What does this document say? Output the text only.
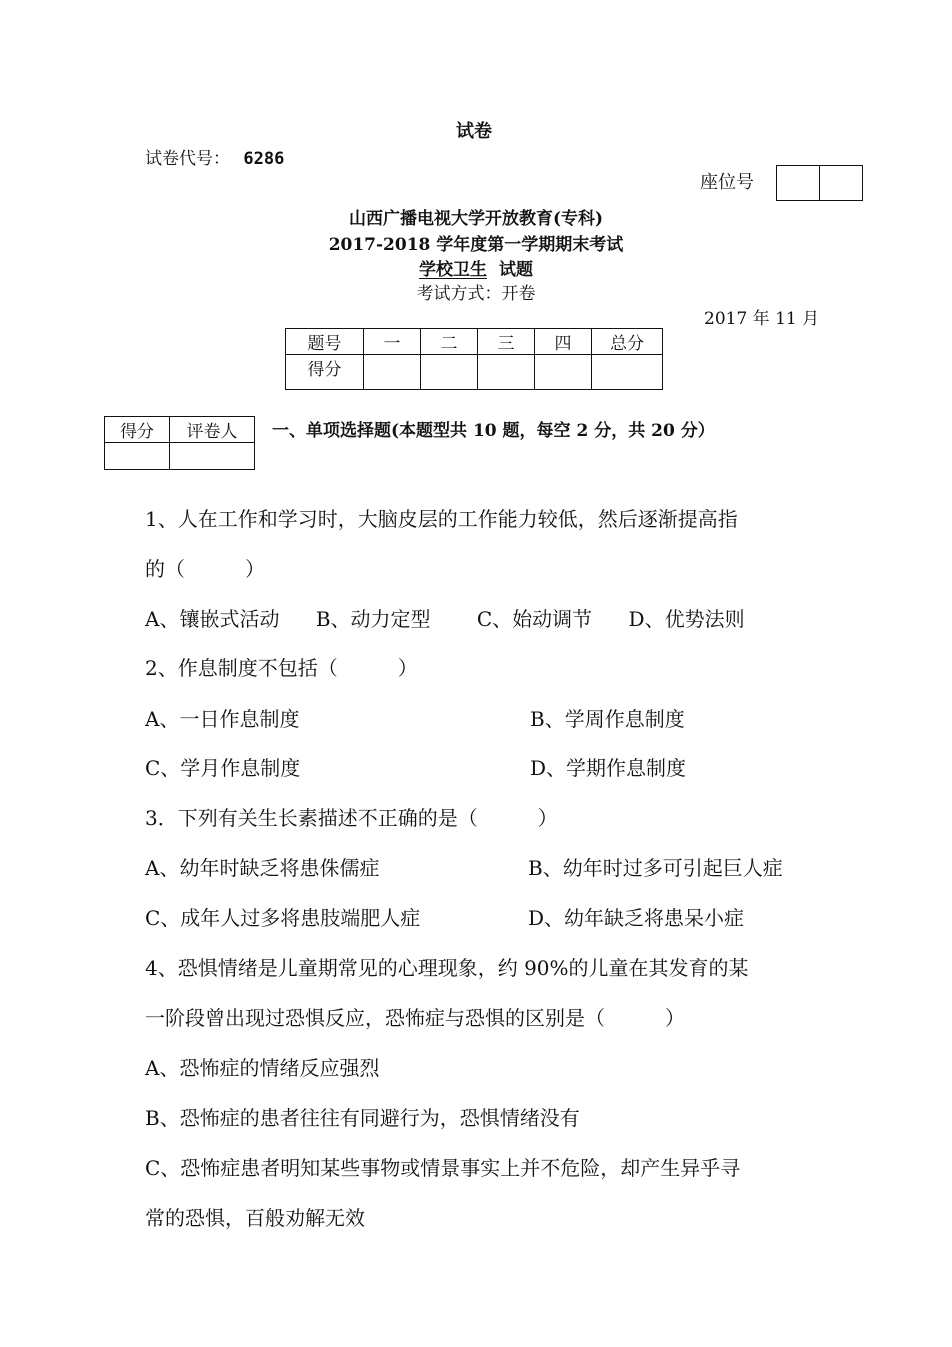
试卷
试卷代号： 6286
座位号

山西广播电视大学开放教育(专科)
2017-2018 学年度第一学期期末考试
学校卫生 试题
考试方式：开卷
2017 年 11 月
题号	一	二	三	四	总分
得分					
得分	评卷人
	一、单项选择题(本题型共 10 题，每空 2 分，共 20 分）
1、人在工作和学习时，大脑皮层的工作能力较低，然后逐渐提高指
的（　　　）
A、镶嵌式活动 B、动力定型 C、始动调节 D、优势法则
2、作息制度不包括（　　　）
A、一日作息制度	B、学周作息制度
C、学月作息制度	D、学期作息制度
3．下列有关生长素描述不正确的是（　　　）
A、幼年时缺乏将患侏儒症	B、幼年时过多可引起巨人症
C、成年人过多将患肢端肥人症	D、幼年缺乏将患呆小症
4、恐惧情绪是儿童期常见的心理现象，约 90%的儿童在其发育的某
一阶段曾出现过恐惧反应，恐怖症与恐惧的区别是（　　　）
A、恐怖症的情绪反应强烈
B、恐怖症的患者往往有同避行为，恐惧情绪没有
C、恐怖症患者明知某些事物或情景事实上并不危险，却产生异乎寻
常的恐惧，百般劝解无效
